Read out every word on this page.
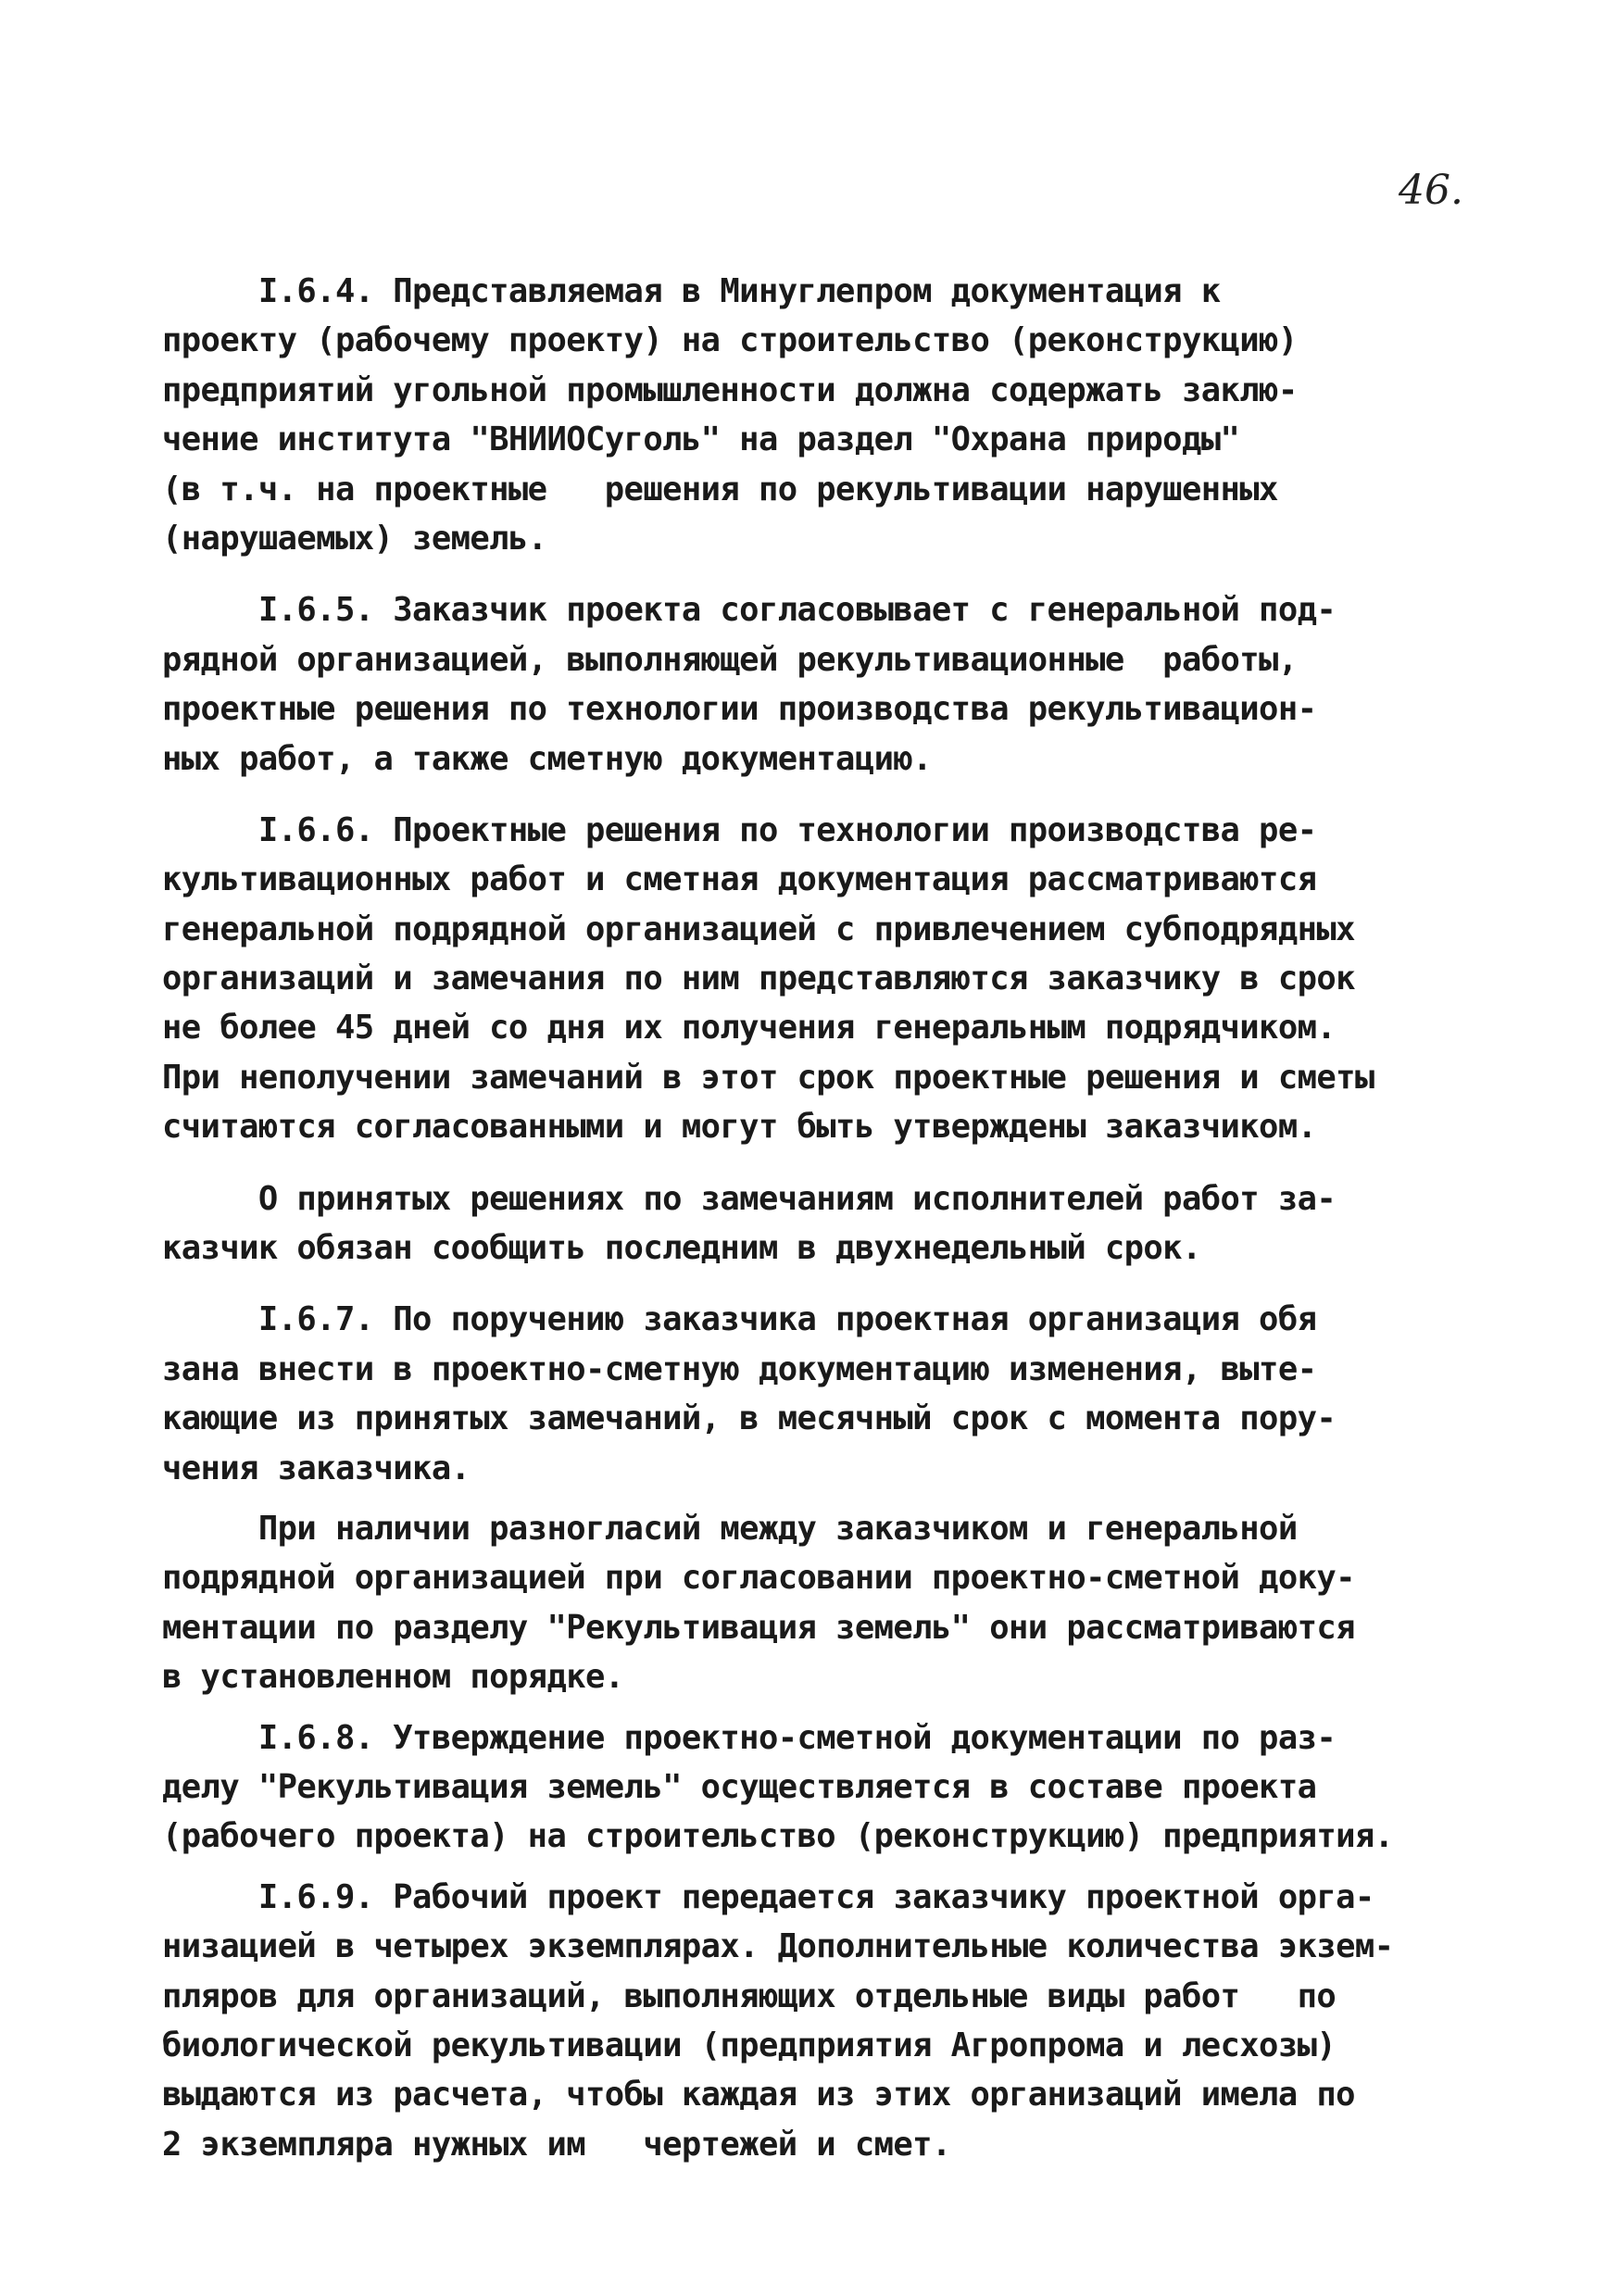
46.
I.6.4. Представляемая в Минуглепром документация к
проекту (рабочему проекту) на строительство (реконструкцию)
предприятий угольной промышленности должна содержать заклю-
чение института "ВНИИОСуголь" на раздел "Охрана природы"
(в т.ч. на проектные   решения по рекультивации нарушенных
(нарушаемых) земель.
I.6.5. Заказчик проекта согласовывает с генеральной под-
рядной организацией, выполняющей рекультивационные  работы,
проектные решения по технологии производства рекультивацион-
ных работ, а также сметную документацию.
I.6.6. Проектные решения по технологии производства ре-
культивационных работ и сметная документация рассматриваются
генеральной подрядной организацией с привлечением субподрядных
организаций и замечания по ним представляются заказчику в срок
не более 45 дней со дня их получения генеральным подрядчиком.
При неполучении замечаний в этот срок проектные решения и сметы
считаются согласованными и могут быть утверждены заказчиком.
О принятых решениях по замечаниям исполнителей работ за-
казчик обязан сообщить последним в двухнедельный срок.
I.6.7. По поручению заказчика проектная организация обя
зана внести в проектно-сметную документацию изменения, выте-
кающие из принятых замечаний, в месячный срок с момента пору-
чения заказчика.
При наличии разногласий между заказчиком и генеральной
подрядной организацией при согласовании проектно-сметной доку-
ментации по разделу "Рекультивация земель" они рассматриваются
в установленном порядке.
I.6.8. Утверждение проектно-сметной документации по раз-
делу "Рекультивация земель" осуществляется в составе проекта
(рабочего проекта) на строительство (реконструкцию) предприятия.
I.6.9. Рабочий проект передается заказчику проектной орга-
низацией в четырех экземплярах. Дополнительные количества экзем-
пляров для организаций, выполняющих отдельные виды работ   по
биологической рекультивации (предприятия Агропрома и лесхозы)
выдаются из расчета, чтобы каждая из этих организаций имела по
2 экземпляра нужных им   чертежей и смет.
